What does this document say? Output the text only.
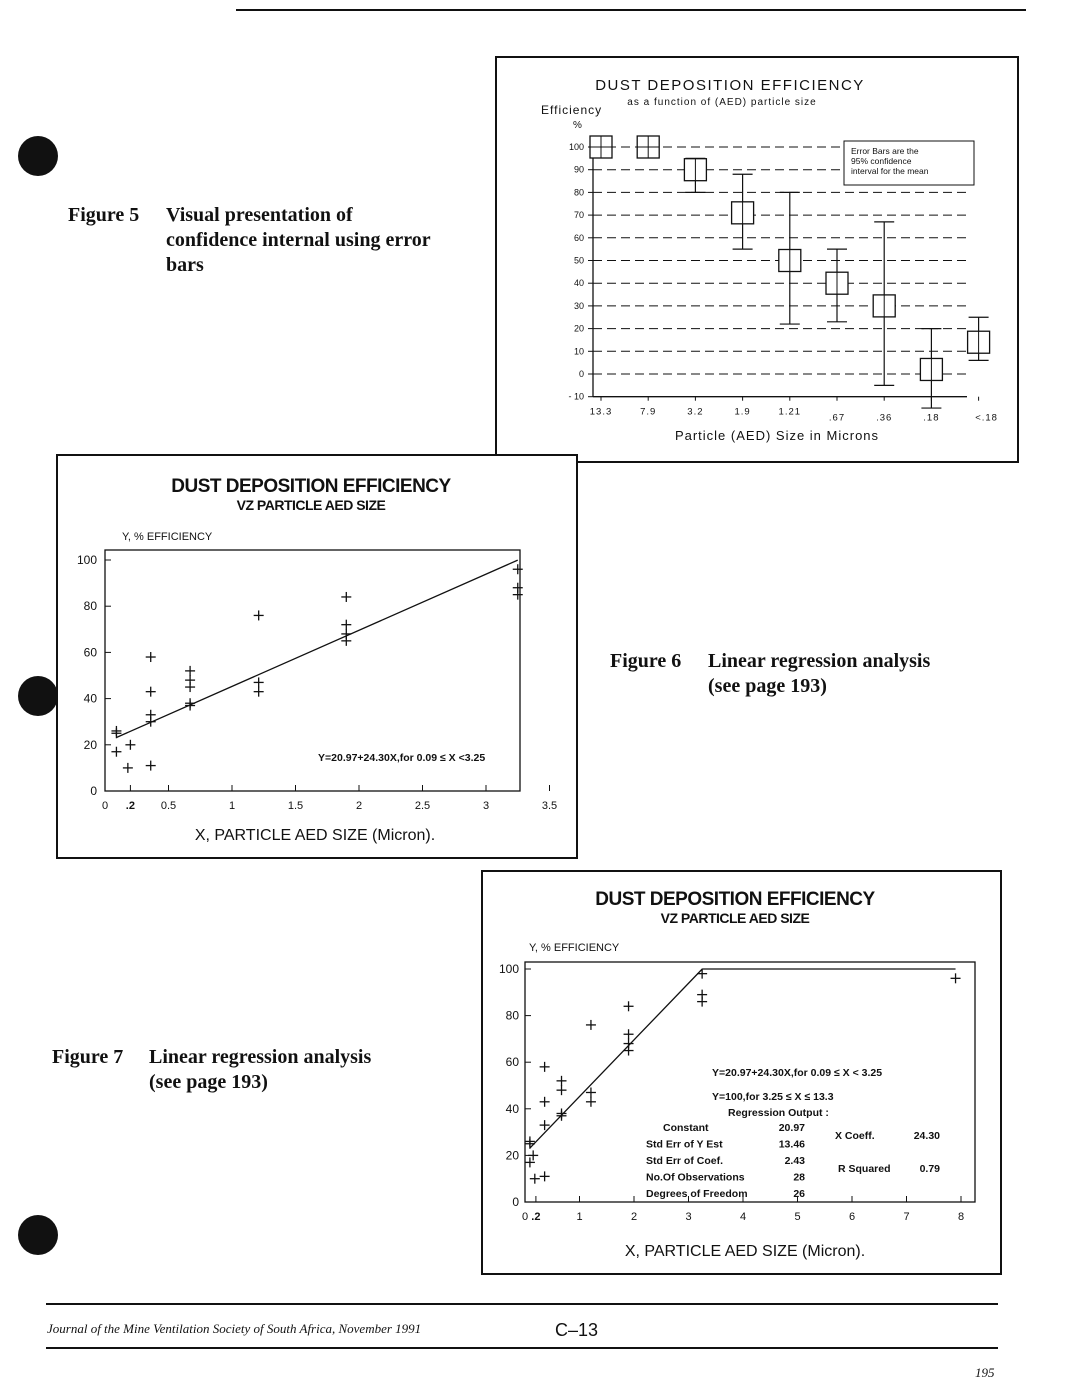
Figure 5 Visual presentation of
confidence internal using error
bars
Figure 6 Linear regression analysis
(see page 193)
Figure 7 Linear regression analysis
(see page 193)
DUST DEPOSITION EFFICIENCY
as a function of (AED) particle size
Efficiency
%
Particle (AED) Size in Microns
100
90
80
70
60
50
40
30
20
10
0
- 10
13.3	7.9	3.2	1.9	1.21
.67	.36	.18	<.18
Error Bars are the 95% confidence interval for the mean
DUST DEPOSITION EFFICIENCY
VZ PARTICLE AED SIZE
Y, % EFFICIENCY
X, PARTICLE AED SIZE (Micron).
0
20
40
60
80
100
0 .2 0.5	1	1.5	2	2.5	3	3.5
Y=20.97+24.30X,for 0.09 ≤ X <3.25
DUST DEPOSITION EFFICIENCY
VZ PARTICLE AED SIZE
Y, % EFFICIENCY
X, PARTICLE AED SIZE (Micron).
0
20
40
60
80
100
0 .2	1	2	3	4	5	6	7	8
Y=20.97+24.30X,for 0.09 ≤ X < 3.25
Y=100,for 3.25 ≤ X ≤ 13.3
Regression Output :
Constant	20.97
Std Err of Y Est	13.46
Std Err of Coef.	2.43
No.Of Observations	28
Degrees of Freedom	26
X Coeff.	24.30
R Squared	0.79
Journal of the Mine Ventilation Society of South Africa, November 1991	C–13
195
